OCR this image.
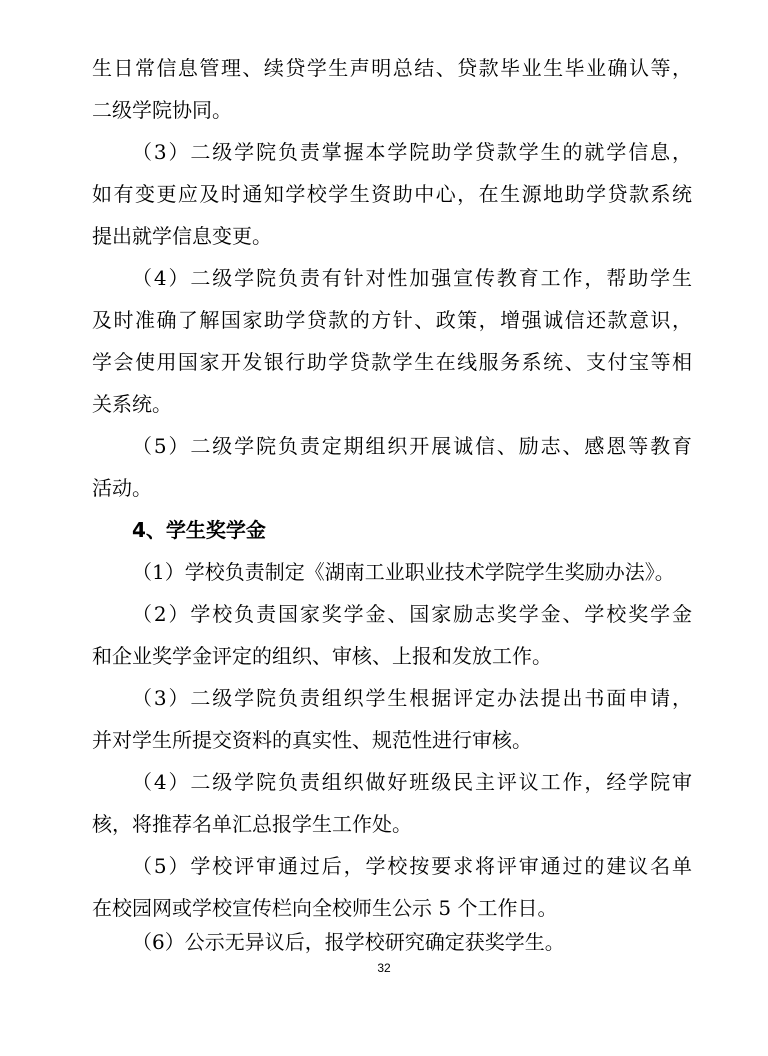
生日常信息管理、续贷学生声明总结、贷款毕业生毕业确认等，
二级学院协同。
（3）二级学院负责掌握本学院助学贷款学生的就学信息，
如有变更应及时通知学校学生资助中心，在生源地助学贷款系统
提出就学信息变更。
（4）二级学院负责有针对性加强宣传教育工作，帮助学生
及时准确了解国家助学贷款的方针、政策，增强诚信还款意识，
学会使用国家开发银行助学贷款学生在线服务系统、支付宝等相
关系统。
（5）二级学院负责定期组织开展诚信、励志、感恩等教育
活动。
4、学生奖学金
（1）学校负责制定《湖南工业职业技术学院学生奖励办法》。
（2）学校负责国家奖学金、国家励志奖学金、学校奖学金
和企业奖学金评定的组织、审核、上报和发放工作。
（3）二级学院负责组织学生根据评定办法提出书面申请，
并对学生所提交资料的真实性、规范性进行审核。
（4）二级学院负责组织做好班级民主评议工作，经学院审
核，将推荐名单汇总报学生工作处。
（5）学校评审通过后，学校按要求将评审通过的建议名单
在校园网或学校宣传栏向全校师生公示 5 个工作日。
（6）公示无异议后，报学校研究确定获奖学生。
32
